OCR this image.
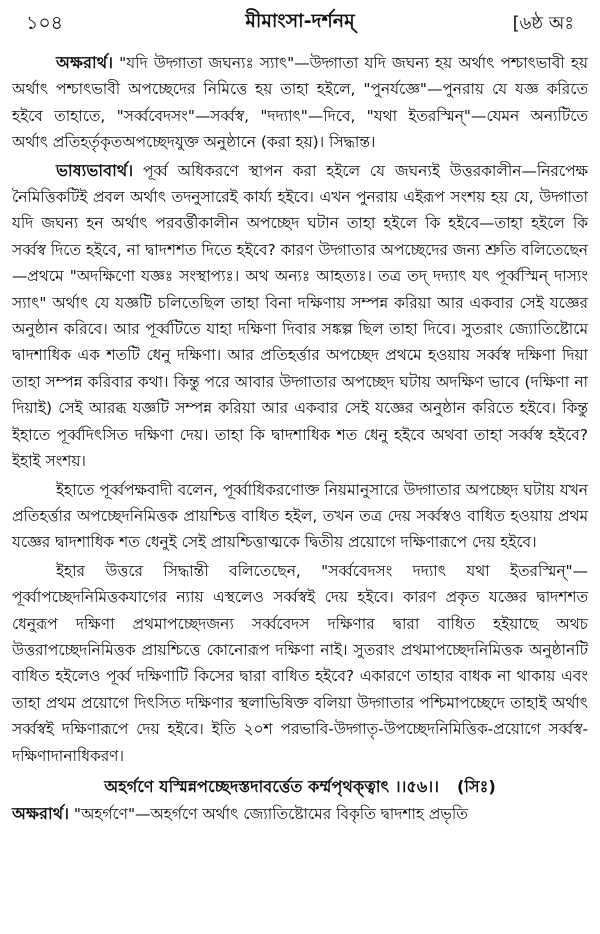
১০৪	মীমাংসা-দর্শনম্	[৬ষ্ঠ অঃ

অক্ষরার্থ। "যদি উদ্গাতা জঘন্যঃ স্যাৎ"—উদ্গাতা যদি জঘন্য হয় অর্থাৎ পশ্চাৎভাবী হয় অর্থাৎ পশ্চাৎভাবী অপচ্ছেদের নিমিত্তে হয় তাহা হইলে, "পুনর্যজ্ঞে"—পুনরায় যে যজ্ঞ করিতে হইবে তাহাতে, "সর্ব্ববেদসং"—সর্ব্বস্ব, "দদ্যাৎ"—দিবে, "যথা ইতরস্মিন্"—যেমন অন্যটিতে অর্থাৎ প্রতিহর্তৃকৃতঅপচ্ছেদযুক্ত অনুষ্ঠানে (করা হয়)। সিদ্ধান্ত।

ভাষ্যভাবার্থ। পূর্ব্ব অধিকরণে স্থাপন করা হইলে যে জঘন্যই উত্তরকালীন—নিরপেক্ষ নৈমিত্তিকটিই প্রবল অর্থাৎ তদনুসারেই কার্য্য হইবে। এখন পুনরায় এইরূপ সংশয় হয় যে, উদ্গাতা যদি জঘন্য হন অর্থাৎ পরবর্ত্তীকালীন অপচ্ছেদ ঘটান তাহা হইলে কি হইবে—তাহা হইলে কি সর্ব্বস্ব দিতে হইবে, না দ্বাদশশত দিতে হইবে? কারণ উদ্গাতার অপচ্ছেদের জন্য শ্রুতি বলিতেছেন—প্রথমে "অদক্ষিণো যজ্ঞঃ সংস্থাপ্যঃ। অথ অন্যঃ আহত্যঃ। তত্র তদ্ দদ্যাৎ যৎ পূর্ব্বস্মিন্ দাস্যং স্যাৎ" অর্থাৎ যে যজ্ঞটি চলিতেছিল তাহা বিনা দক্ষিণায় সম্পন্ন করিয়া আর একবার সেই যজ্ঞের অনুষ্ঠান করিবে। আর পূর্ব্বটিতে যাহা দক্ষিণা দিবার সঙ্কল্প ছিল তাহা দিবে। সুতরাং জ্যোতিষ্টোমে দ্বাদশাধিক এক শতটি ধেনু দক্ষিণা। আর প্রতিহর্ত্তার অপচ্ছেদ প্রথমে হওয়ায় সর্ব্বস্ব দক্ষিণা দিয়া তাহা সম্পন্ন করিবার কথা। কিন্তু পরে আবার উদ্গাতার অপচ্ছেদ ঘটায় অদক্ষিণ ভাবে (দক্ষিণা না দিয়াই) সেই আরব্ধ যজ্ঞটি সম্পন্ন করিয়া আর একবার সেই যজ্ঞের অনুষ্ঠান করিতে হইবে। কিন্তু ইহাতে পূর্ব্বদিৎসিত দক্ষিণা দেয়। তাহা কি দ্বাদশাধিক শত ধেনু হইবে অথবা তাহা সর্ব্বস্ব হইবে? ইহাই সংশয়।

ইহাতে পূর্ব্বপক্ষবাদী বলেন, পূর্ব্বাধিকরণোক্ত নিয়মানুসারে উদ্গাতার অপচ্ছেদ ঘটায় যখন প্রতিহর্ত্তার অপচ্ছেদনিমিত্তক প্রায়শ্চিত্ত বাধিত হইল, তখন তত্র দেয় সর্ব্বস্বও বাধিত হওয়ায় প্রথম যজ্ঞের দ্বাদশাধিক শত ধেনুই সেই প্রায়শ্চিত্তাত্মকে দ্বিতীয় প্রয়োগে দক্ষিণারূপে দেয় হইবে।

ইহার উত্তরে সিদ্ধান্তী বলিতেছেন, "সর্ব্ববেদসং দদ্যাৎ যথা ইতরস্মিন্"—পূর্ব্বাপচ্ছেদনিমিত্তকযাগের ন্যায় এস্থলেও সর্ব্বস্বই দেয় হইবে। কারণ প্রকৃত যজ্ঞের দ্বাদশশত ধেনুরূপ দক্ষিণা প্রথমাপচ্ছেদজন্য সর্ব্ববেদস দক্ষিণার দ্বারা বাধিত হইয়াছে অথচ উত্তরাপচ্ছেদনিমিত্তক প্রায়শ্চিত্তে কোনোরূপ দক্ষিণা নাই। সুতরাং প্রথমাপচ্ছেদনিমিত্তক অনুষ্ঠানটি বাধিত হইলেও পূর্ব্ব দক্ষিণাটি কিসের দ্বারা বাধিত হইবে? একারণে তাহার বাধক না থাকায় এবং তাহা প্রথম প্রয়োগে দিৎসিত দক্ষিণার স্থলাভিষিক্ত বলিয়া উদ্গাতার পশ্চিমাপচ্ছেদে তাহাই অর্থাৎ সর্ব্বস্বই দক্ষিণারূপে দেয় হইবে। ইতি ২০শ পরভাবি-উদ্গাতৃ-উপচ্ছেদনিমিত্তিক-প্রয়োগে সর্ব্বস্ব-দক্ষিণাদানাধিকরণ।

অহর্গণে যস্মিন্নপচ্ছেদস্তদাবর্ত্তেত কর্ম্মপৃথক্ত্বাৎ ।।৫৬।। (সিঃ)

অক্ষরার্থ। "অহর্গণে"—অহর্গণে অর্থাৎ জ্যোতিষ্টোমের বিকৃতি দ্বাদশাহ প্রভৃতি
